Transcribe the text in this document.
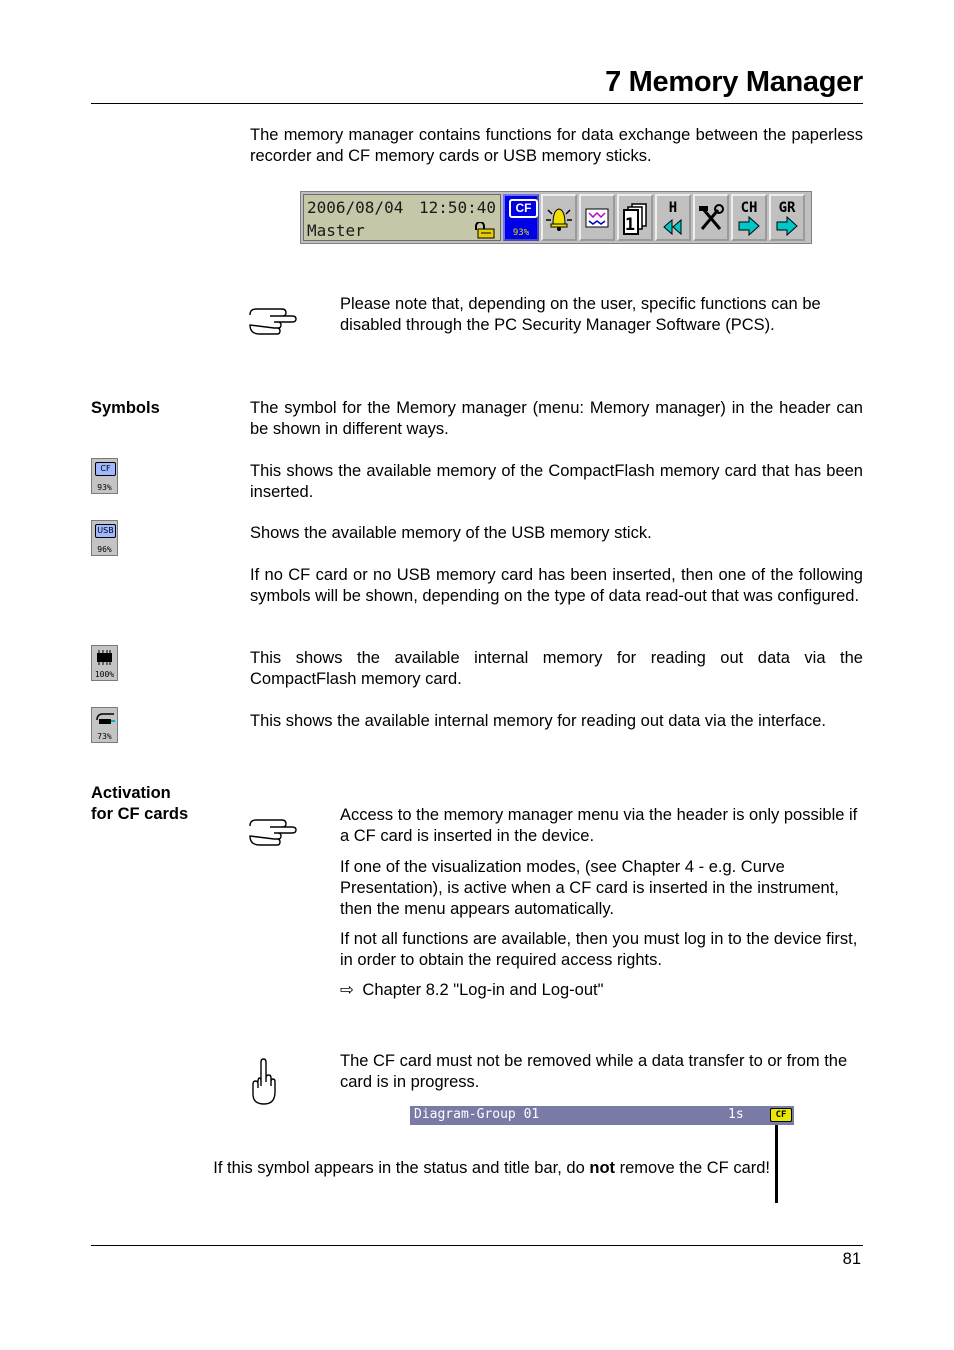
7 Memory Manager
The memory manager contains functions for data exchange between the paperless recorder and CF memory cards or USB memory sticks.
2006/08/04 12:50:40
Master
CF
93%	1
H	CH	GR
Please note that, depending on the user, specific functions can be disabled through the PC Security Manager Software (PCS).
Symbols	The symbol for the Memory manager (menu: Memory manager) in the header can be shown in different ways.
CF
93%
This shows the available memory of the CompactFlash memory card that has been inserted.
USB
96%
Shows the available memory of the USB memory stick.
If no CF card or no USB memory card has been inserted, then one of the following symbols will be shown, depending on the type of data read-out that was configured.
100%
This shows the available internal memory for reading out data via the CompactFlash memory card.
73%
This shows the available internal memory for reading out data via the interface.
Activation
for CF cards	Access to the memory manager menu via the header is only possible if a CF card is inserted in the device.
If one of the visualization modes, (see Chapter 4 - e.g. Curve Presentation), is active when a CF card is inserted in the instrument, then the menu appears automatically.
If not all functions are available, then you must log in to the device first, in order to obtain the required access rights.
⇨ Chapter 8.2 "Log-in and Log-out"
The CF card must not be removed while a data transfer to or from the card is in progress.
Diagram-Group 01	1s	CF
If this symbol appears in the status and title bar, do not remove the CF card!
81
